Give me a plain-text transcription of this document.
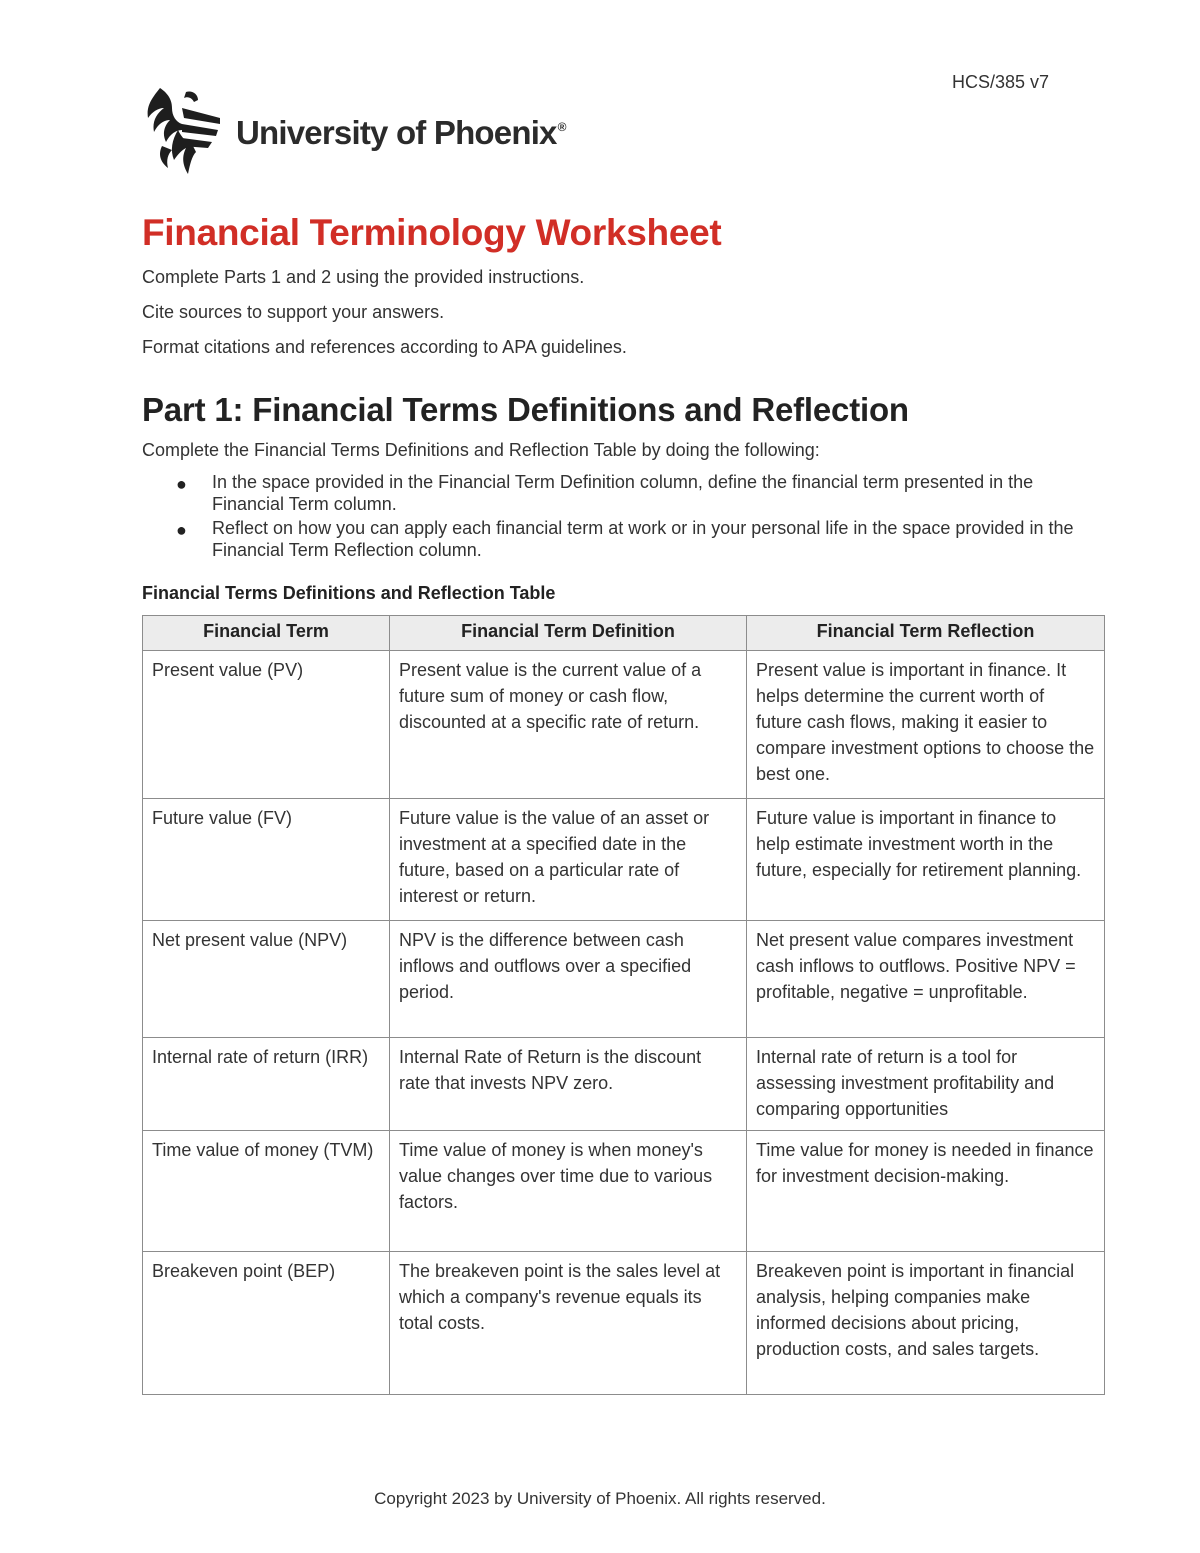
HCS/385 v7
University of Phoenix®
Financial Terminology Worksheet

Complete Parts 1 and 2 using the provided instructions.

Cite sources to support your answers.

Format citations and references according to APA guidelines.

Part 1: Financial Terms Definitions and Reflection

Complete the Financial Terms Definitions and Reflection Table by doing the following:

● In the space provided in the Financial Term Definition column, define the financial term presented in the Financial Term column.
● Reflect on how you can apply each financial term at work or in your personal life in the space provided in the Financial Term Reflection column.

Financial Terms Definitions and Reflection Table

Financial Term	Financial Term Definition	Financial Term Reflection
Present value (PV)	Present value is the current value of a future sum of money or cash flow, discounted at a specific rate of return.	Present value is important in finance. It helps determine the current worth of future cash flows, making it easier to compare investment options to choose the best one.
Future value (FV)	Future value is the value of an asset or investment at a specified date in the future, based on a particular rate of interest or return.	Future value is important in finance to help estimate investment worth in the future, especially for retirement planning.
Net present value (NPV)	NPV is the difference between cash inflows and outflows over a specified period.	Net present value compares investment cash inflows to outflows. Positive NPV = profitable, negative = unprofitable.
Internal rate of return (IRR)	Internal Rate of Return is the discount rate that invests NPV zero.	Internal rate of return is a tool for assessing investment profitability and comparing opportunities
Time value of money (TVM)	Time value of money is when money's value changes over time due to various factors.	Time value for money is needed in finance for investment decision-making.
Breakeven point (BEP)	The breakeven point is the sales level at which a company's revenue equals its total costs.	Breakeven point is important in financial analysis, helping companies make informed decisions about pricing, production costs, and sales targets.
Copyright 2023 by University of Phoenix. All rights reserved.
